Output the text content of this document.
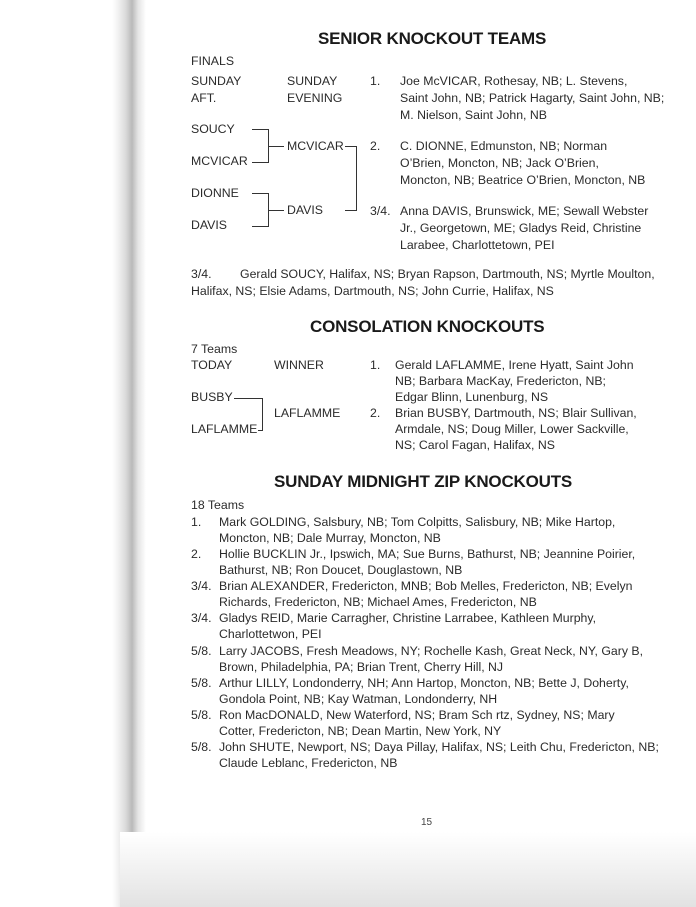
SENIOR KNOCKOUT TEAMS
FINALS
SUNDAY
AFT.
SUNDAY
EVENING
SOUCY
MCVICAR
DIONNE
DAVIS
MCVICAR
DAVIS
1. Joe McVICAR, Rothesay, NB; L. Stevens,
Saint John, NB; Patrick Hagarty, Saint John, NB;
M. Nielson, Saint John, NB
2. C. DIONNE, Edmunston, NB; Norman
O’Brien, Moncton, NB; Jack O’Brien,
Moncton, NB; Beatrice O’Brien, Moncton, NB
3/4. Anna DAVIS, Brunswick, ME; Sewall Webster
Jr., Georgetown, ME; Gladys Reid, Christine
Larabee, Charlottetown, PEI
3/4. Gerald SOUCY, Halifax, NS; Bryan Rapson, Dartmouth, NS; Myrtle Moulton,
Halifax, NS; Elsie Adams, Dartmouth, NS; John Currie, Halifax, NS
CONSOLATION KNOCKOUTS
7 Teams
TODAY	WINNER
BUSBY
LAFLAMME
LAFLAMME
1. Gerald LAFLAMME, Irene Hyatt, Saint John
NB; Barbara MacKay, Fredericton, NB;
Edgar Blinn, Lunenburg, NS
2. Brian BUSBY, Dartmouth, NS; Blair Sullivan,
Armdale, NS; Doug Miller, Lower Sackville,
NS; Carol Fagan, Halifax, NS
SUNDAY MIDNIGHT ZIP KNOCKOUTS
18 Teams
1. Mark GOLDING, Salsbury, NB; Tom Colpitts, Salisbury, NB; Mike Hartop,
Moncton, NB; Dale Murray, Moncton, NB
2. Hollie BUCKLIN Jr., Ipswich, MA; Sue Burns, Bathurst, NB; Jeannine Poirier,
Bathurst, NB; Ron Doucet, Douglastown, NB
3/4. Brian ALEXANDER, Fredericton, MNB; Bob Melles, Fredericton, NB; Evelyn
Richards, Fredericton, NB; Michael Ames, Fredericton, NB
3/4. Gladys REID, Marie Carragher, Christine Larrabee, Kathleen Murphy,
Charlottetwon, PEI
5/8. Larry JACOBS, Fresh Meadows, NY; Rochelle Kash, Great Neck, NY, Gary B,
Brown, Philadelphia, PA; Brian Trent, Cherry Hill, NJ
5/8. Arthur LILLY, Londonderry, NH; Ann Hartop, Moncton, NB; Bette J, Doherty,
Gondola Point, NB; Kay Watman, Londonderry, NH
5/8. Ron MacDONALD, New Waterford, NS; Bram Sch rtz, Sydney, NS; Mary
Cotter, Fredericton, NB; Dean Martin, New York, NY
5/8. John SHUTE, Newport, NS; Daya Pillay, Halifax, NS; Leith Chu, Fredericton, NB;
Claude Leblanc, Fredericton, NB
15
